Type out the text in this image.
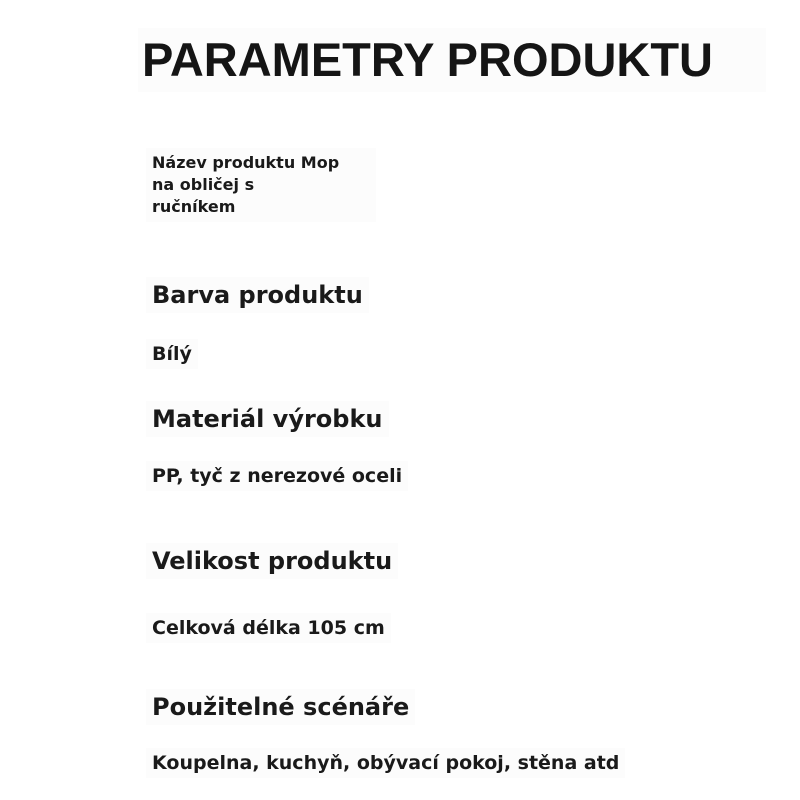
PARAMETRY PRODUKTU
Název produktu Mop
na obličej s
ručníkem
Barva produktu
Bílý
Materiál výrobku
PP, tyč z nerezové oceli
Velikost produktu
Celková délka 105 cm
Použitelné scénáře
Koupelna, kuchyň, obývací pokoj, stěna atd
